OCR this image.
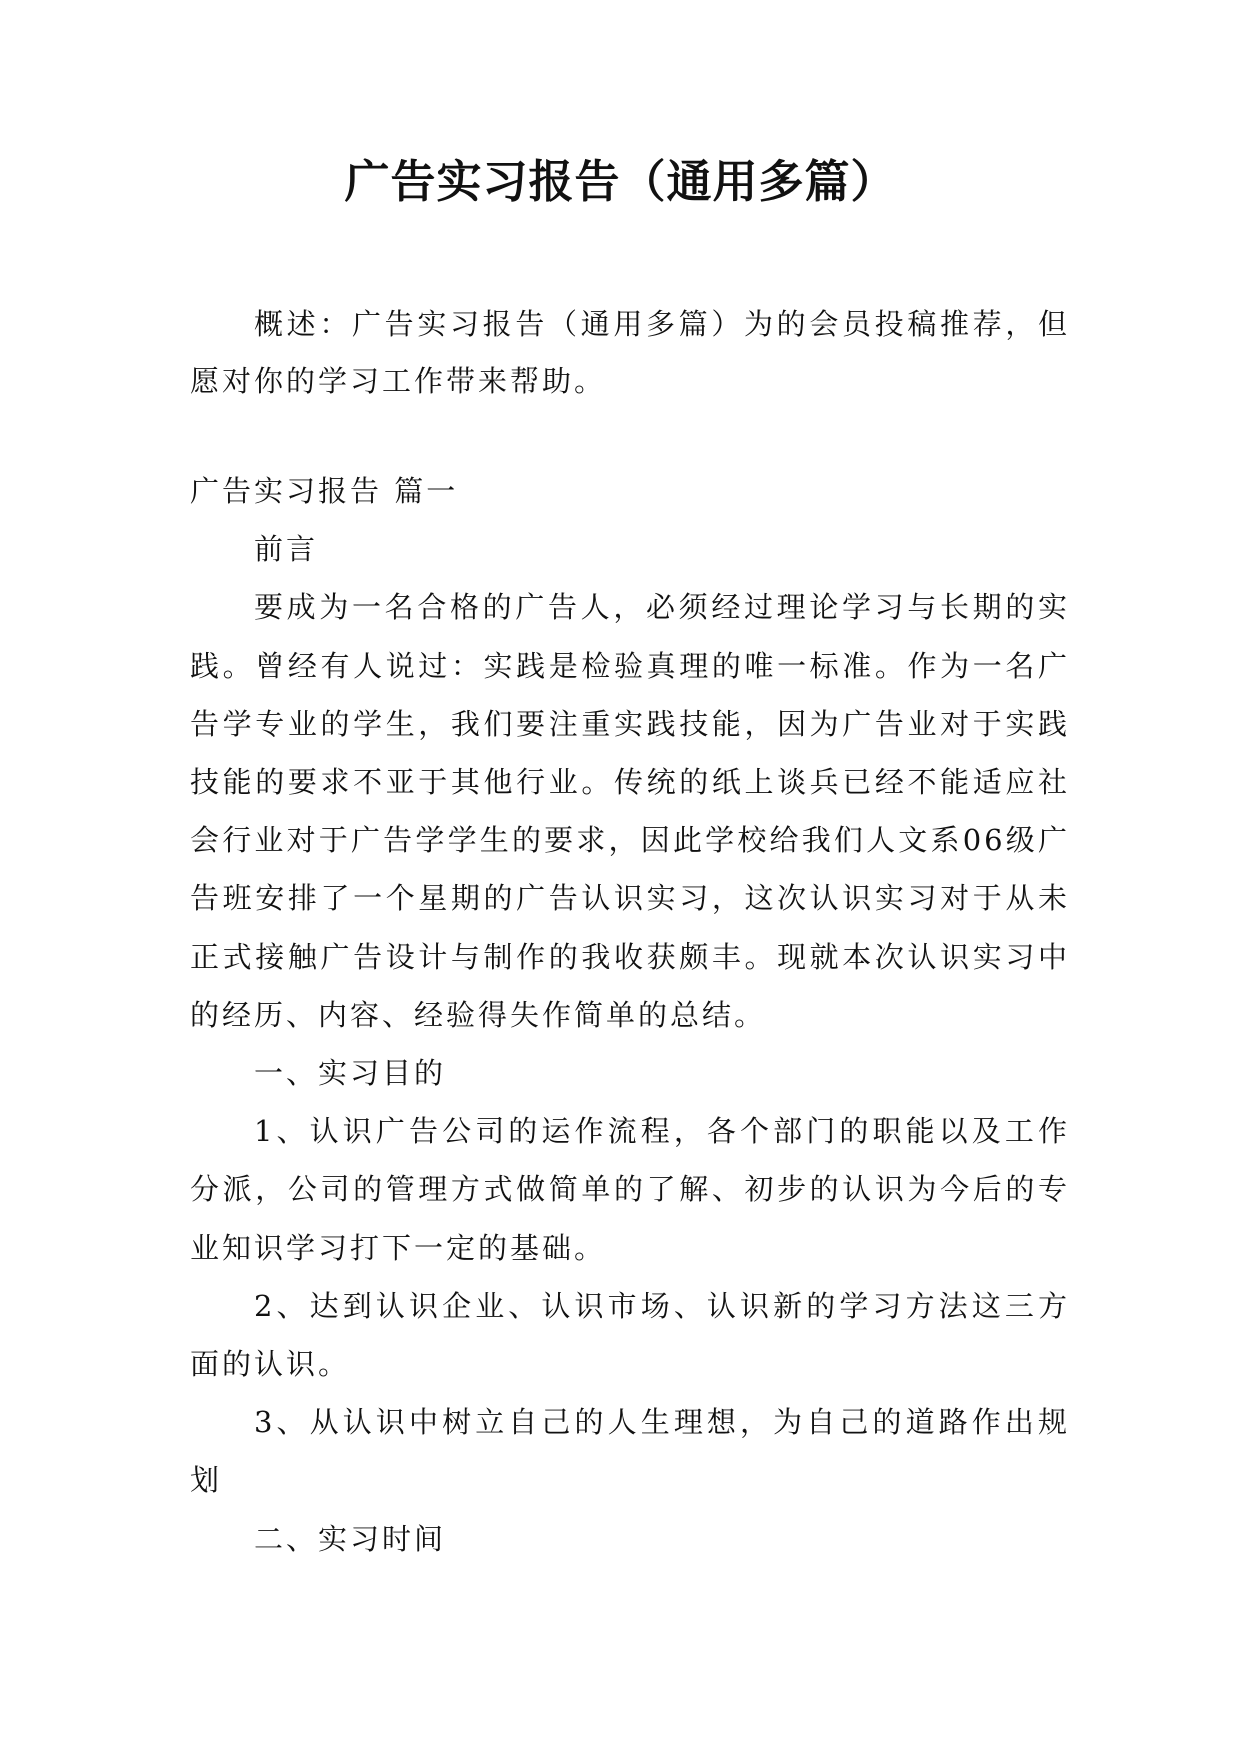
广告实习报告（通用多篇）

概述：广告实习报告（通用多篇）为的会员投稿推荐，但愿对你的学习工作带来帮助。

广告实习报告 篇一

前言

要成为一名合格的广告人，必须经过理论学习与长期的实践。曾经有人说过：实践是检验真理的唯一标准。作为一名广告学专业的学生，我们要注重实践技能，因为广告业对于实践技能的要求不亚于其他行业。传统的纸上谈兵已经不能适应社会行业对于广告学学生的要求，因此学校给我们人文系06级广告班安排了一个星期的广告认识实习，这次认识实习对于从未正式接触广告设计与制作的我收获颇丰。现就本次认识实习中的经历、内容、经验得失作简单的总结。

一、实习目的

1、认识广告公司的运作流程，各个部门的职能以及工作分派，公司的管理方式做简单的了解、初步的认识为今后的专业知识学习打下一定的基础。

2、达到认识企业、认识市场、认识新的学习方法这三方面的认识。

3、从认识中树立自己的人生理想，为自己的道路作出规划

二、实习时间
